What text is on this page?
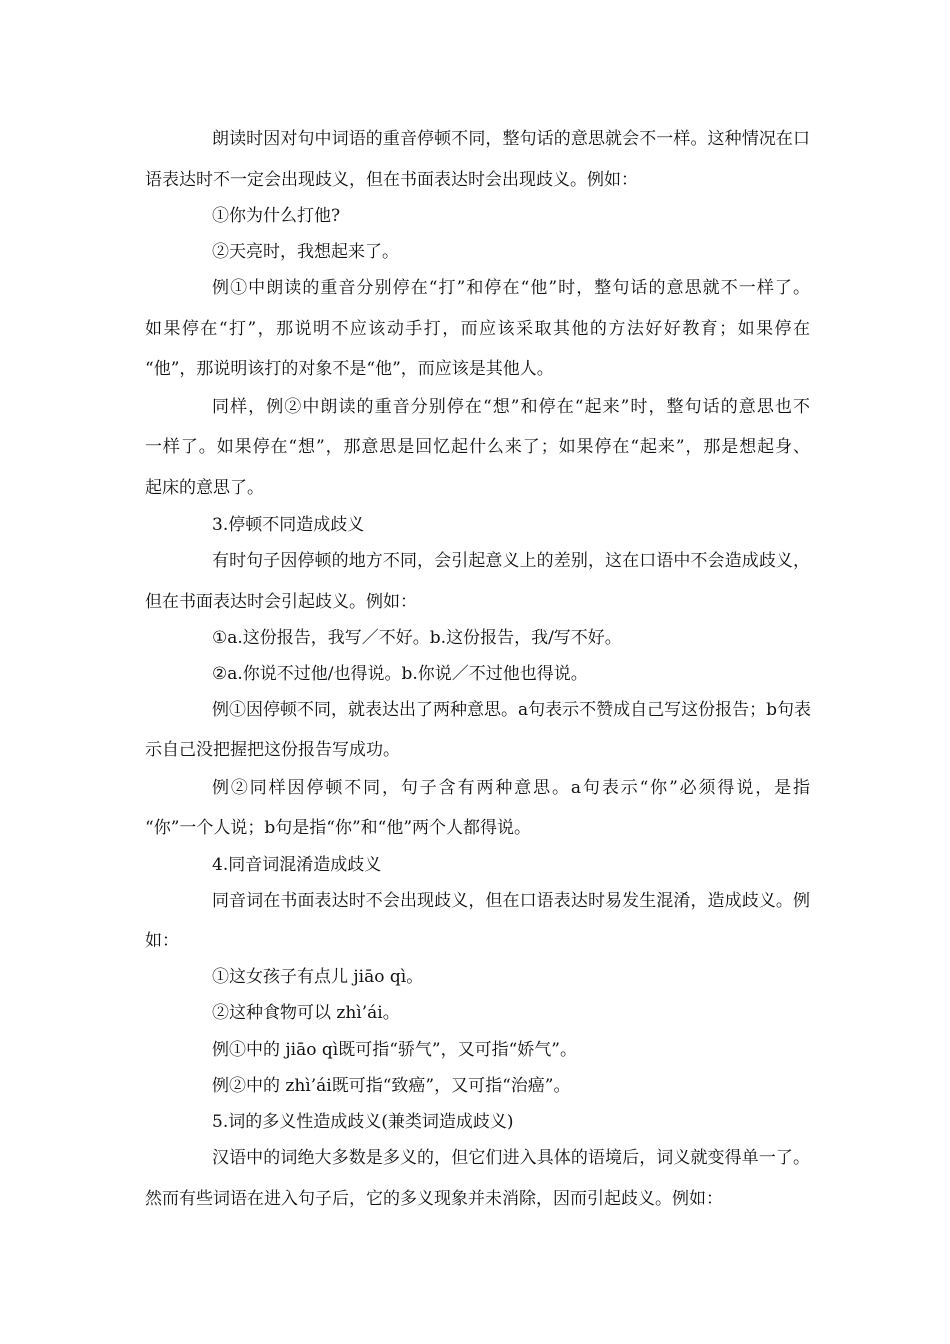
朗读时因对句中词语的重音停顿不同，整句话的意思就会不一样。这种情况在口
语表达时不一定会出现歧义，但在书面表达时会出现歧义。例如：
①你为什么打他?
②天亮时，我想起来了。
例①中朗读的重音分别停在“打”和停在“他”时，整句话的意思就不一样了。
如果停在“打”，那说明不应该动手打，而应该采取其他的方法好好教育；如果停在
“他”，那说明该打的对象不是“他”，而应该是其他人。
同样，例②中朗读的重音分别停在“想”和停在“起来”时，整句话的意思也不
一样了。如果停在“想”，那意思是回忆起什么来了；如果停在“起来”，那是想起身、
起床的意思了。
3.停顿不同造成歧义
有时句子因停顿的地方不同，会引起意义上的差别，这在口语中不会造成歧义，
但在书面表达时会引起歧义。例如：
①a.这份报告，我写／不好。b.这份报告，我/写不好。
②a.你说不过他/也得说。b.你说／不过他也得说。
例①因停顿不同，就表达出了两种意思。a句表示不赞成自己写这份报告；b句表
示自己没把握把这份报告写成功。
例②同样因停顿不同，句子含有两种意思。a句表示“你”必须得说，是指
“你”一个人说；b句是指“你”和“他”两个人都得说。
4.同音词混淆造成歧义
同音词在书面表达时不会出现歧义，但在口语表达时易发生混淆，造成歧义。例
如：
①这女孩子有点儿 jiāo qì。
②这种食物可以 zhì’ái。
例①中的 jiāo qì既可指“骄气”，又可指“娇气”。
例②中的 zhì’ái既可指“致癌”，又可指“治癌”。
5.词的多义性造成歧义(兼类词造成歧义)
汉语中的词绝大多数是多义的，但它们进入具体的语境后，词义就变得单一了。
然而有些词语在进入句子后，它的多义现象并未消除，因而引起歧义。例如：
